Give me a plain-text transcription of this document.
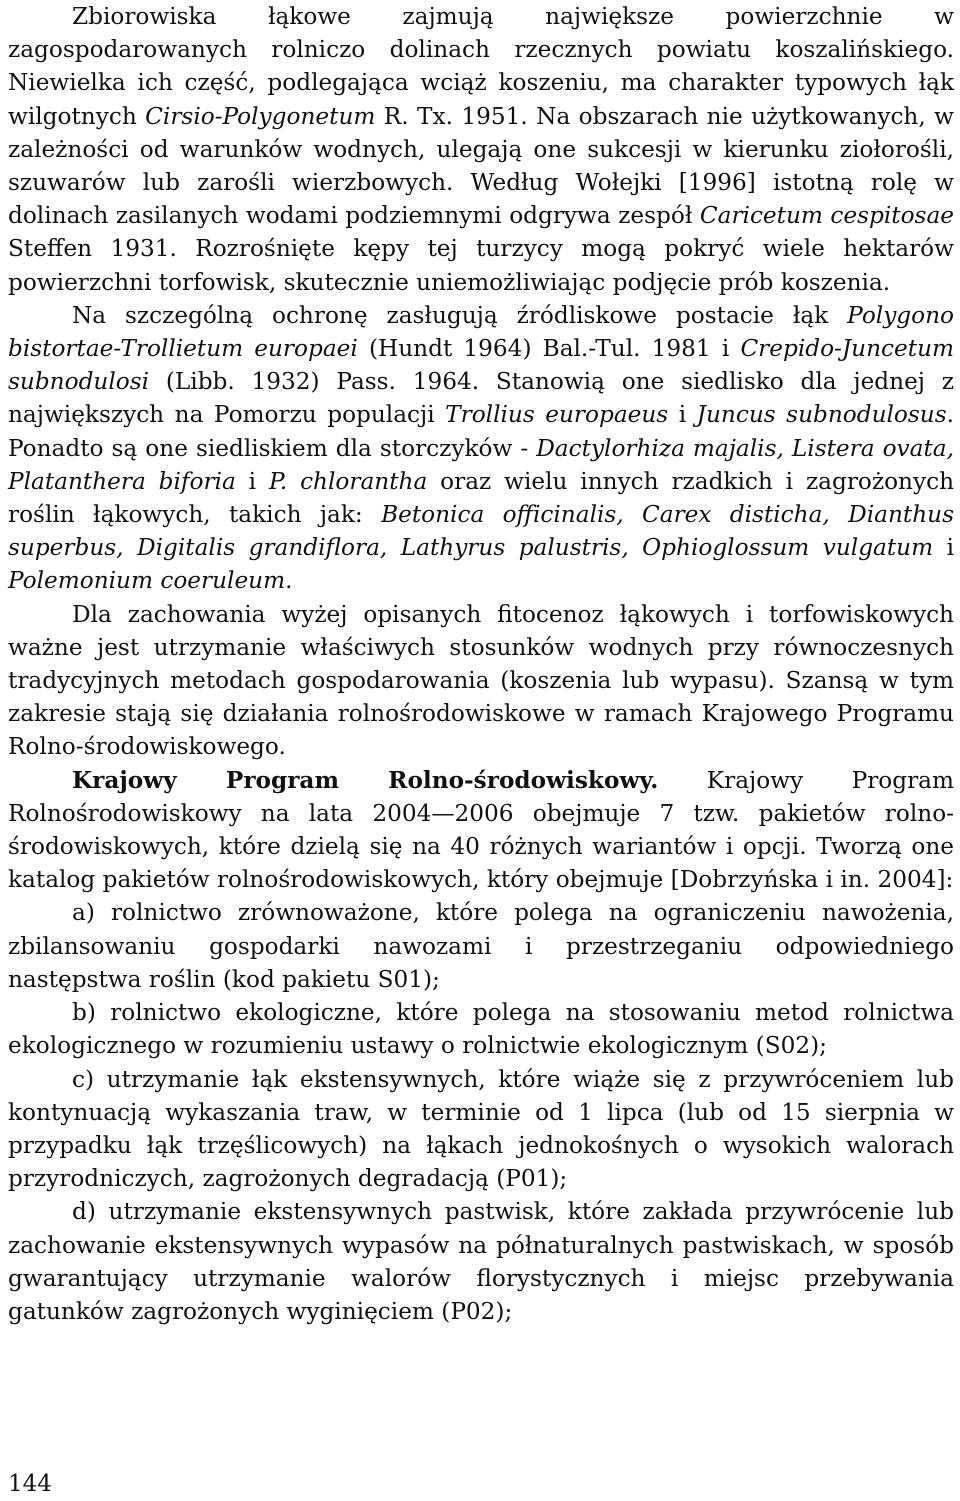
Zbiorowiska łąkowe zajmują największe powierzchnie w zagospodarowanych rolniczo dolinach rzecznych powiatu koszalińskiego. Niewielka ich część, podlegająca wciąż koszeniu, ma charakter typowych łąk wilgotnych Cirsio-Polygonetum R. Tx. 1951. Na obszarach nie użytkowanych, w zależności od warunków wodnych, ulegają one sukcesji w kierunku ziołorośli, szuwarów lub zarośli wierzbowych. Według Wołejki [1996] istotną rolę w dolinach zasilanych wodami podziemnymi odgrywa zespół Caricetum cespitosae Steffen 1931. Rozrośnięte kępy tej turzycy mogą pokryć wiele hektarów powierzchni torfowisk, skutecznie uniemożliwiając podjęcie prób koszenia.

Na szczególną ochronę zasługują źródliskowe postacie łąk Polygono bistortae-Trollietum europaei (Hundt 1964) Bal.-Tul. 1981 i Crepido-Juncetum subnodulosi (Libb. 1932) Pass. 1964. Stanowią one siedlisko dla jednej z największych na Pomorzu populacji Trollius europaeus i Juncus subnodulosus. Ponadto są one siedliskiem dla storczyków - Dactylorhiza majalis, Listera ovata, Platanthera biforia i P. chlorantha oraz wielu innych rzadkich i zagrożonych roślin łąkowych, takich jak: Betonica officinalis, Carex disticha, Dianthus superbus, Digitalis grandiflora, Lathyrus palustris, Ophioglossum vulgatum i Polemonium coeruleum.

Dla zachowania wyżej opisanych fitocenoz łąkowych i torfowiskowych ważne jest utrzymanie właściwych stosunków wodnych przy równoczesnych tradycyjnych metodach gospodarowania (koszenia lub wypasu). Szansą w tym zakresie stają się działania rolnośrodowiskowe w ramach Krajowego Programu Rolno-środowiskowego.

Krajowy Program Rolno-środowiskowy. Krajowy Program Rolnośrodowiskowy na lata 2004—2006 obejmuje 7 tzw. pakietów rolno-środowiskowych, które dzielą się na 40 różnych wariantów i opcji. Tworzą one katalog pakietów rolnośrodowiskowych, który obejmuje [Dobrzyńska i in. 2004]:

a) rolnictwo zrównoważone, które polega na ograniczeniu nawożenia, zbilansowaniu gospodarki nawozami i przestrzeganiu odpowiedniego następstwa roślin (kod pakietu S01);

b) rolnictwo ekologiczne, które polega na stosowaniu metod rolnictwa ekologicznego w rozumieniu ustawy o rolnictwie ekologicznym (S02);

c) utrzymanie łąk ekstensywnych, które wiąże się z przywróceniem lub kontynuacją wykaszania traw, w terminie od 1 lipca (lub od 15 sierpnia w przypadku łąk trzęślicowych) na łąkach jednokośnych o wysokich walorach przyrodniczych, zagrożonych degradacją (P01);

d) utrzymanie ekstensywnych pastwisk, które zakłada przywrócenie lub zachowanie ekstensywnych wypasów na półnaturalnych pastwiskach, w sposób gwarantujący utrzymanie walorów florystycznych i miejsc przebywania gatunków zagrożonych wyginięciem (P02);

144
